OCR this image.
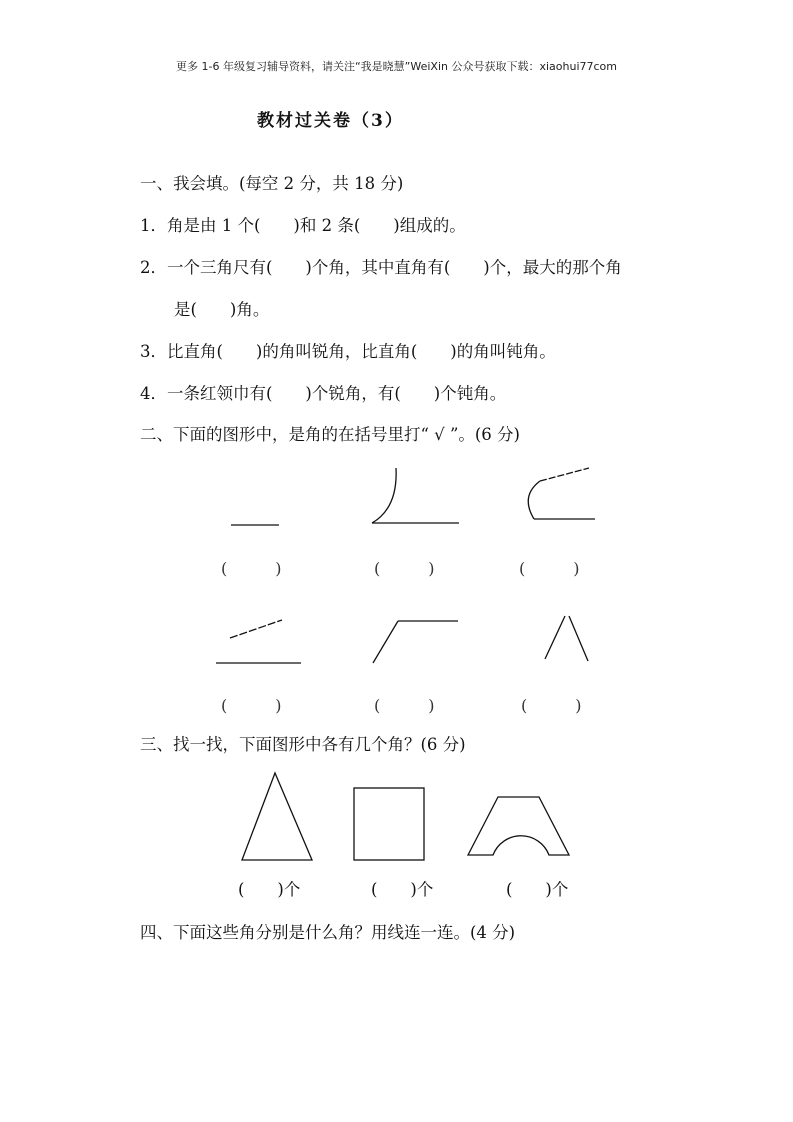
更多 1-6 年级复习辅导资料，请关注“我是晓慧”WeiXin 公众号获取下载：xiaohui77com
教材过关卷（3）
一、我会填。(每空 2 分，共 18 分)
1．角是由 1 个(　　)和 2 条(　　)组成的。
2．一个三角尺有(　　)个角，其中直角有(　　)个，最大的那个角
是(　　)角。
3．比直角(　　)的角叫锐角，比直角(　　)的角叫钝角。
4．一条红领巾有(　　)个锐角，有(　　)个钝角。
二、下面的图形中，是角的在括号里打“ √ ”。(6 分)
(　　　)	(　　　)	(　　　)
(　　　)	(　　　)	(　　　)
三、找一找，下面图形中各有几个角？(6 分)
(　　)个	(　　)个	(　　)个
四、下面这些角分别是什么角？用线连一连。(4 分)
